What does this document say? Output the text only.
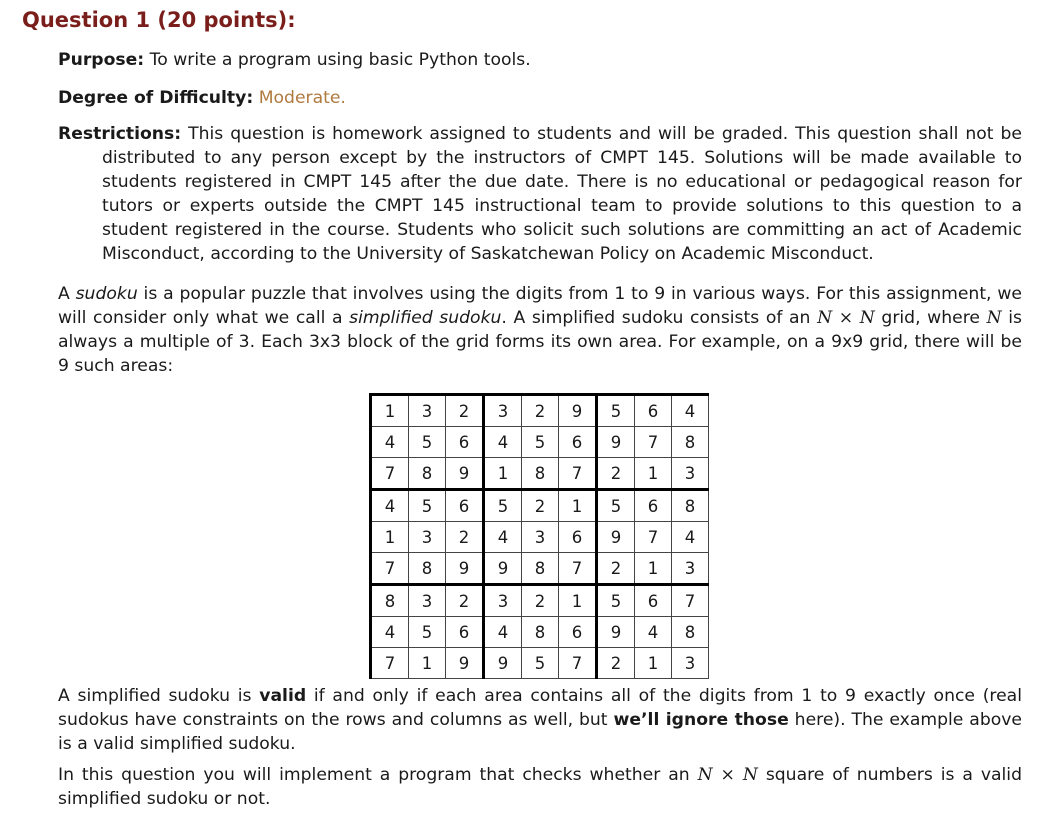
Question 1 (20 points):
Purpose: To write a program using basic Python tools.
Degree of Difficulty: Moderate.
Restrictions: This question is homework assigned to students and will be graded. This question shall not be distributed to any person except by the instructors of CMPT 145. Solutions will be made available to students registered in CMPT 145 after the due date. There is no educational or pedagogical reason for tutors or experts outside the CMPT 145 instructional team to provide solutions to this question to a student registered in the course. Students who solicit such solutions are committing an act of Academic Misconduct, according to the University of Saskatchewan Policy on Academic Misconduct.
A sudoku is a popular puzzle that involves using the digits from 1 to 9 in various ways. For this assignment, we will consider only what we call a simplified sudoku. A simplified sudoku consists of an N × N grid, where N is always a multiple of 3. Each 3x3 block of the grid forms its own area. For example, on a 9x9 grid, there will be 9 such areas:
1	3	2	3	2	9	5	6	4
4	5	6	4	5	6	9	7	8
7	8	9	1	8	7	2	1	3
4	5	6	5	2	1	5	6	8
1	3	2	4	3	6	9	7	4
7	8	9	9	8	7	2	1	3
8	3	2	3	2	1	5	6	7
4	5	6	4	8	6	9	4	8
7	1	9	9	5	7	2	1	3
A simplified sudoku is valid if and only if each area contains all of the digits from 1 to 9 exactly once (real sudokus have constraints on the rows and columns as well, but we’ll ignore those here). The example above is a valid simplified sudoku.
In this question you will implement a program that checks whether an N × N square of numbers is a valid simplified sudoku or not.
